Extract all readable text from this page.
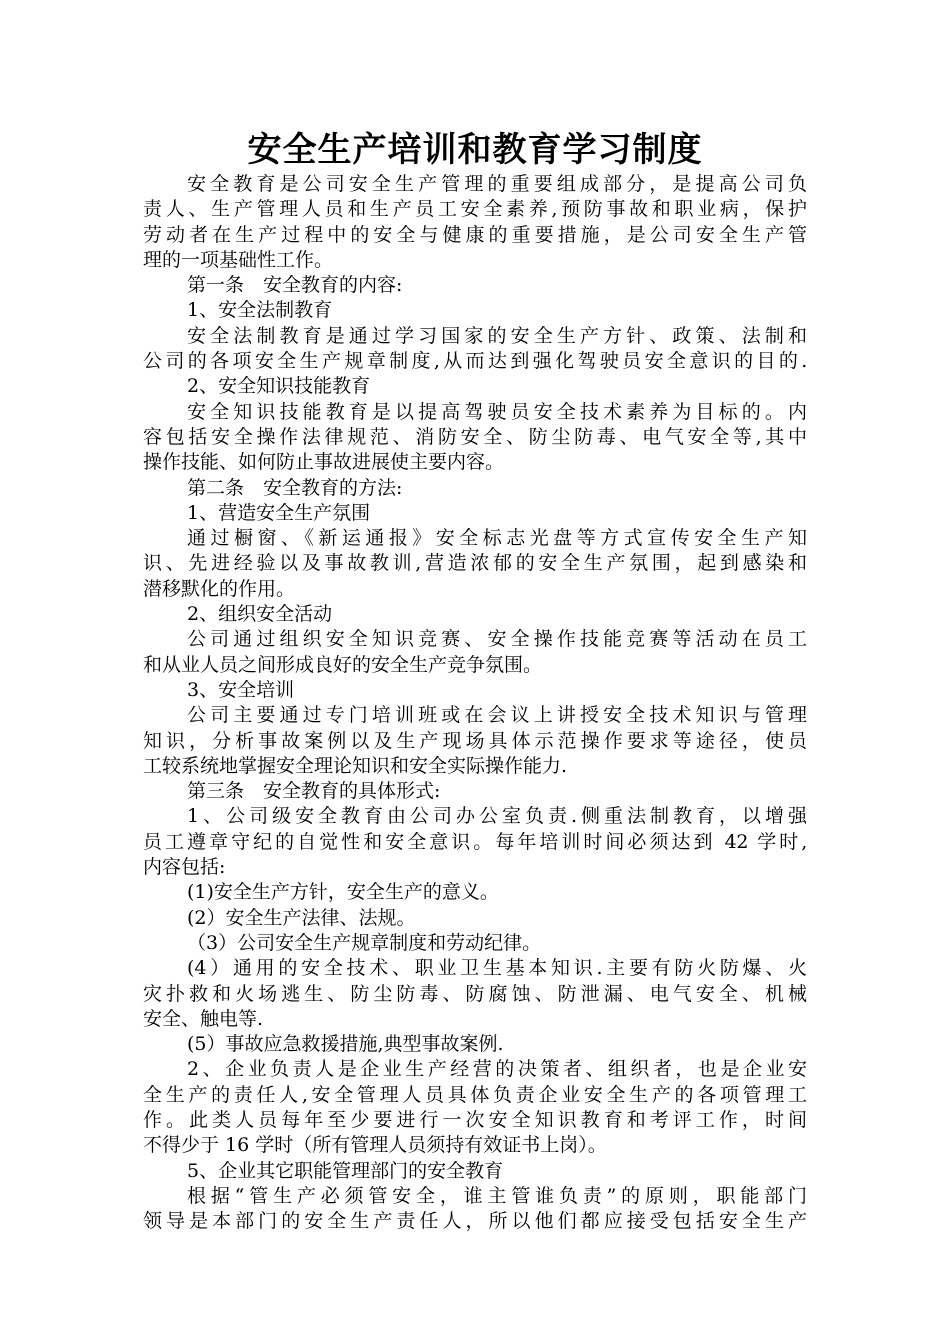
安全生产培训和教育学习制度
安全教育是公司安全生产管理的重要组成部分，是提高公司负
责人、生产管理人员和生产员工安全素养,预防事故和职业病，保护
劳动者在生产过程中的安全与健康的重要措施，是公司安全生产管
理的一项基础性工作。
第一条　安全教育的内容:
1、安全法制教育
安全法制教育是通过学习国家的安全生产方针、政策、法制和
公司的各项安全生产规章制度,从而达到强化驾驶员安全意识的目的.
2、安全知识技能教育
安全知识技能教育是以提高驾驶员安全技术素养为目标的。内
容包括安全操作法律规范、消防安全、防尘防毒、电气安全等,其中
操作技能、如何防止事故进展使主要内容。
第二条　安全教育的方法:
1、营造安全生产氛围
通过橱窗、《新运通报》安全标志光盘等方式宣传安全生产知
识、先进经验以及事故教训,营造浓郁的安全生产氛围，起到感染和
潜移默化的作用。
2、组织安全活动
公司通过组织安全知识竞赛、安全操作技能竞赛等活动在员工
和从业人员之间形成良好的安全生产竞争氛围。
3、安全培训
公司主要通过专门培训班或在会议上讲授安全技术知识与管理
知识，分析事故案例以及生产现场具体示范操作要求等途径，使员
工较系统地掌握安全理论知识和安全实际操作能力.
第三条　安全教育的具体形式:
1、公司级安全教育由公司办公室负责.侧重法制教育，以增强
员工遵章守纪的自觉性和安全意识。每年培训时间必须达到 42 学时,
内容包括:
(1)安全生产方针，安全生产的意义。
(2）安全生产法律、法规。
（3）公司安全生产规章制度和劳动纪律。
(4）通用的安全技术、职业卫生基本知识.主要有防火防爆、火
灾扑救和火场逃生、防尘防毒、防腐蚀、防泄漏、电气安全、机械
安全、触电等.
(5）事故应急救援措施,典型事故案例.
2、企业负责人是企业生产经营的决策者、组织者，也是企业安
全生产的责任人,安全管理人员具体负责企业安全生产的各项管理工
作。此类人员每年至少要进行一次安全知识教育和考评工作，时间
不得少于 16 学时（所有管理人员须持有效证书上岗）。
5、企业其它职能管理部门的安全教育
根据“管生产必须管安全，谁主管谁负责”的原则，职能部门
领导是本部门的安全生产责任人，所以他们都应接受包括安全生产
